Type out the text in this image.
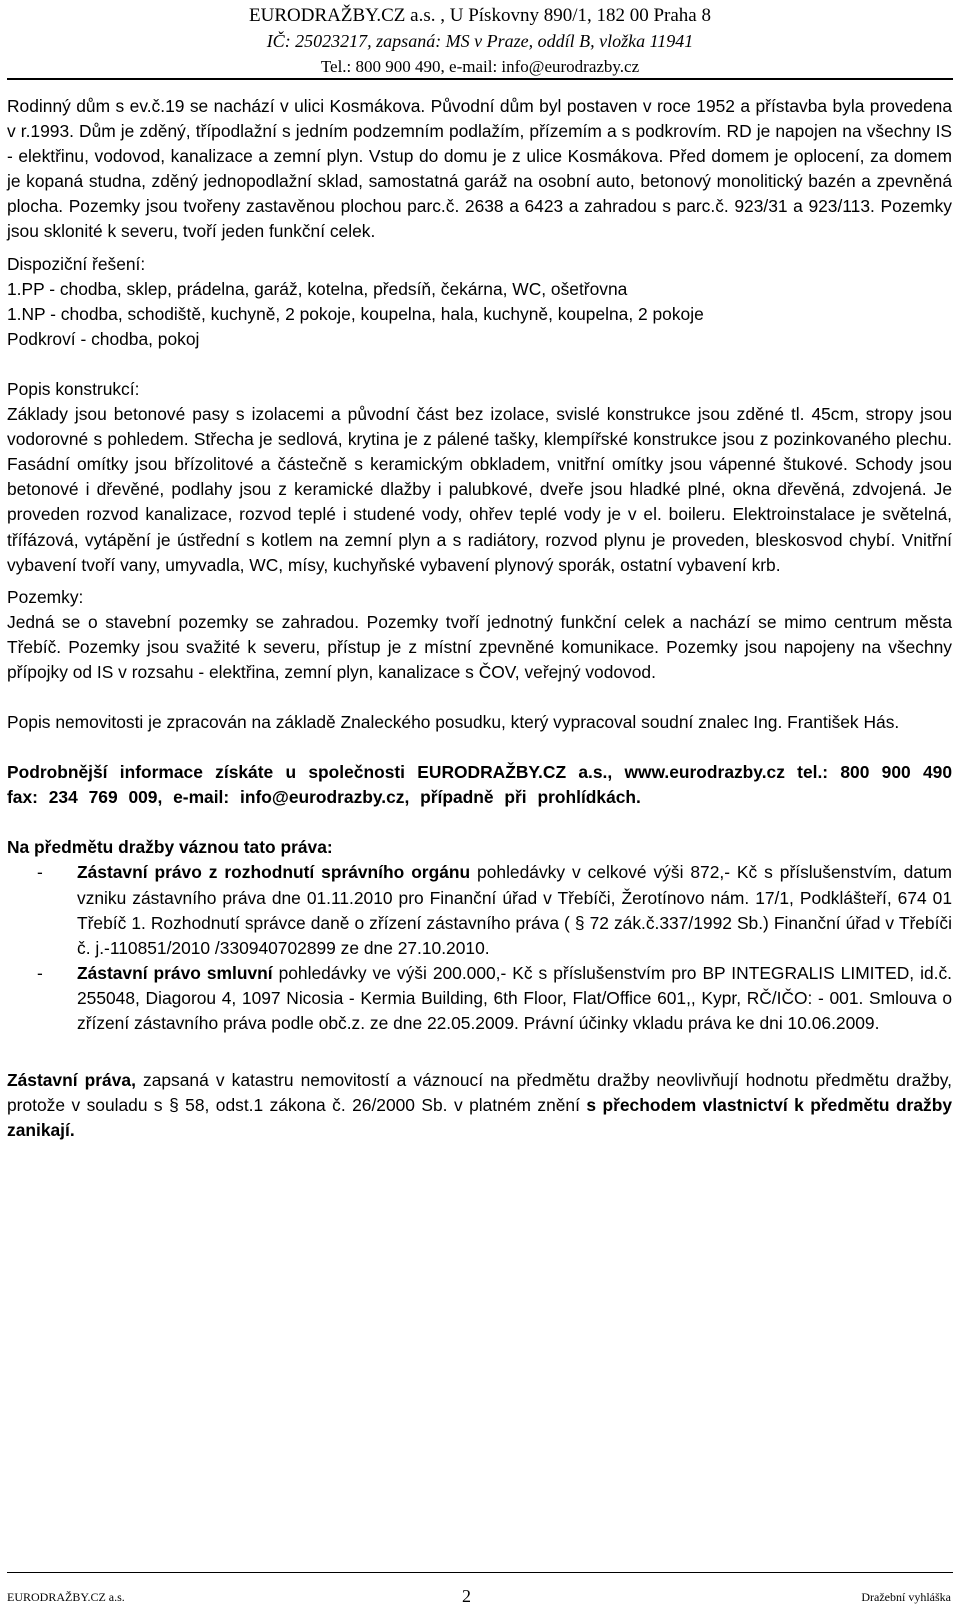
EURODRAŽBY.CZ a.s. , U Pískovny 890/1, 182 00 Praha 8
IČ: 25023217, zapsaná: MS v Praze, oddíl B, vložka 11941
Tel.: 800 900 490, e-mail: info@eurodrazby.cz

Rodinný dům s ev.č.19 se nachází v ulici Kosmákova. Původní dům byl postaven v roce 1952 a přístavba byla provedena v r.1993. Dům je zděný, třípodlažní s jedním podzemním podlažím, přízemím a s podkrovím. RD je napojen na všechny IS - elektřinu, vodovod, kanalizace a zemní plyn. Vstup do domu je z ulice Kosmákova. Před domem je oplocení, za domem je kopaná studna, zděný jednopodlažní sklad, samostatná garáž na osobní auto, betonový monolitický bazén a zpevněná plocha. Pozemky jsou tvořeny zastavěnou plochou parc.č. 2638 a 6423 a zahradou s parc.č. 923/31 a 923/113. Pozemky jsou sklonité k severu, tvoří jeden funkční celek.

Dispoziční řešení:

1.PP - chodba, sklep, prádelna, garáž, kotelna, předsíň, čekárna, WC, ošetřovna

1.NP - chodba, schodiště, kuchyně, 2 pokoje, koupelna, hala, kuchyně, koupelna, 2 pokoje

Podkroví - chodba, pokoj

Popis konstrukcí:

Základy jsou betonové pasy s izolacemi a původní část bez izolace, svislé konstrukce jsou zděné tl. 45cm, stropy jsou vodorovné s pohledem. Střecha je sedlová, krytina je z pálené tašky, klempířské konstrukce jsou z pozinkovaného plechu. Fasádní omítky jsou břízolitové a částečně s keramickým obkladem, vnitřní omítky jsou vápenné štukové. Schody jsou betonové i dřevěné, podlahy jsou z keramické dlažby i palubkové, dveře jsou hladké plné, okna dřevěná, zdvojená. Je proveden rozvod kanalizace, rozvod teplé i studené vody, ohřev teplé vody je v el. boileru. Elektroinstalace je světelná, třífázová, vytápění je ústřední s kotlem na zemní plyn a s radiátory, rozvod plynu je proveden, bleskosvod chybí. Vnitřní vybavení tvoří vany, umyvadla, WC, mísy, kuchyňské vybavení plynový sporák, ostatní vybavení krb.

Pozemky:

Jedná se o stavební pozemky se zahradou. Pozemky tvoří jednotný funkční celek a nachází se mimo centrum města Třebíč. Pozemky jsou svažité k severu, přístup je z místní zpevněné komunikace. Pozemky jsou napojeny na všechny přípojky od IS v rozsahu - elektřina, zemní plyn, kanalizace s ČOV, veřejný vodovod.

Popis nemovitosti je zpracován na základě Znaleckého posudku, který vypracoval soudní znalec Ing. František Hás.

Podrobnější informace získáte u společnosti EURODRAŽBY.CZ a.s., www.eurodrazby.cz tel.: 800 900 490 fax: 234 769 009, e-mail: info@eurodrazby.cz, případně při prohlídkách.

Na předmětu dražby váznou tato práva:

-	Zástavní právo z rozhodnutí správního orgánu pohledávky v celkové výši 872,- Kč s příslušenstvím, datum vzniku zástavního práva dne 01.11.2010 pro Finanční úřad v Třebíči, Žerotínovo nám. 17/1, Podklášteří, 674 01 Třebíč 1. Rozhodnutí správce daně o zřízení zástavního práva ( § 72 zák.č.337/1992 Sb.) Finanční úřad v Třebíči č. j.-110851/2010 /330940702899 ze dne 27.10.2010.
-	Zástavní právo smluvní pohledávky ve výši 200.000,- Kč s příslušenstvím pro BP INTEGRALIS LIMITED, id.č. 255048, Diagorou 4, 1097 Nicosia - Kermia Building, 6th Floor, Flat/Office 601,, Kypr, RČ/IČO: - 001. Smlouva o zřízení zástavního práva podle obč.z. ze dne 22.05.2009. Právní účinky vkladu práva ke dni 10.06.2009.

Zástavní práva, zapsaná v katastru nemovitostí a váznoucí na předmětu dražby neovlivňují hodnotu předmětu dražby, protože v souladu s § 58, odst.1 zákona č. 26/2000 Sb. v platném znění s přechodem vlastnictví k předmětu dražby zanikají.

EURODRAŽBY.CZ a.s.	2	Dražební vyhláška
